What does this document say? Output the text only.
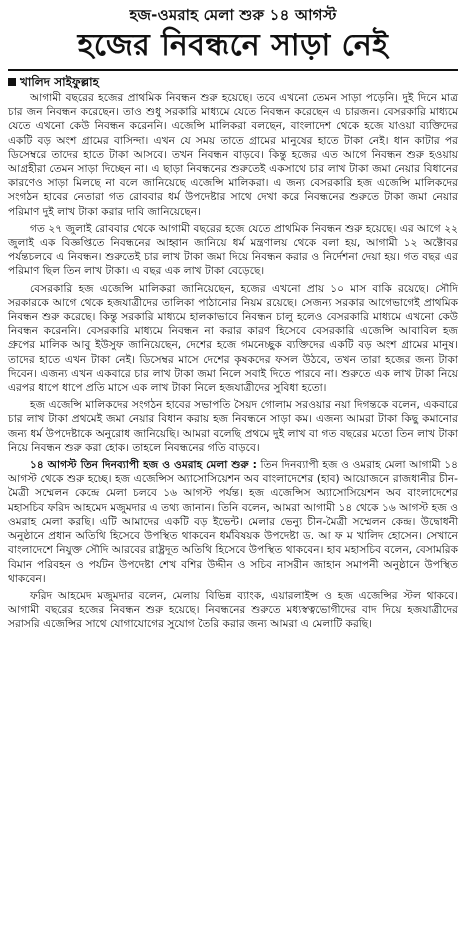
হজ-ওমরাহ মেলা শুরু ১৪ আগস্ট

হজের নিবন্ধনে সাড়া নেই
খালিদ সাইফুল্লাহ

আগামী বছরের হজের প্রাথমিক নিবন্ধন শুরু হয়েছে। তবে এখনো তেমন সাড়া পড়েনি। দুই দিনে মাত্র চার জন নিবন্ধন করেছেন। তাও শুধু সরকারি মাধ্যমে যেতে নিবন্ধন করেছেন এ চারজন। বেসরকারি মাধ্যমে যেতে এখনো কেউ নিবন্ধন করেননি। এজেন্সি মালিকরা বলছেন, বাংলাদেশ থেকে হজে যাওয়া ব্যক্তিদের একটি বড় অংশ গ্রামের বাসিন্দা। এখন যে সময় তাতে গ্রামের মানুষের হাতে টাকা নেই। ধান কাটার পর ডিসেম্বরে তাদের হাতে টাকা আসবে। তখন নিবন্ধন বাড়বে। কিন্তু হজের এত আগে নিবন্ধন শুরু হওয়ায় আগ্রহীরা তেমন সাড়া দিচ্ছেন না। এ ছাড়া নিবন্ধনের শুরুতেই একসাথে চার লাখ টাকা জমা নেয়ার বিধানের কারণেও সাড়া মিলছে না বলে জানিয়েছে এজেন্সি মালিকরা। এ জন্য বেসরকারি হজ এজেন্সি মালিকদের সংগঠন হাবের নেতারা গত রোববার ধর্ম উপদেষ্টার সাথে দেখা করে নিবন্ধনের শুরুতে টাকা জমা নেয়ার পরিমাণ দুই লাখ টাকা করার দাবি জানিয়েছেন।

গত ২৭ জুলাই রোববার থেকে আগামী বছরের হজে যেতে প্রাথমিক নিবন্ধন শুরু হয়েছে। এর আগে ২২ জুলাই এক বিজ্ঞপ্তিতে নিবন্ধনের আহ্বান জানিয়ে ধর্ম মন্ত্রণালয় থেকে বলা হয়, আগামী ১২ অক্টোবর পর্যন্তচলবে এ নিবন্ধন। শুরুতেই চার লাখ টাকা জমা দিয়ে নিবন্ধন করার ও নির্দেশনা দেয়া হয়। গত বছর এর পরিমাণ ছিল তিন লাখ টাকা। এ বছর এক লাখ টাকা বেড়েছে।

বেসরকারি হজ এজেন্সি মালিকরা জানিয়েছেন, হজের এখনো প্রায় ১০ মাস বাকি রয়েছে। সৌদি সরকারকে আগে থেকে হজযাত্রীদের তালিকা পাঠানোর নিয়ম রয়েছে। সেজন্য সরকার আগেভাগেই প্রাথমিক নিবন্ধন শুরু করেছে। কিন্তু সরকারি মাধ্যমে হালকাভাবে নিবন্ধন চালু হলেও বেসরকারি মাধ্যমে এখনো কেউ নিবন্ধন করেননি। বেসরকারি মাধ্যমে নিবন্ধন না করার কারণ হিসেবে বেসরকারি এজেন্সি আবাবিল হজ গ্রুপের মালিক আবু ইউসুফ জানিয়েছেন, দেশের হজে গমনেচ্ছুক ব্যক্তিদের একটি বড় অংশ গ্রামের মানুষ। তাদের হাতে এখন টাকা নেই। ডিসেম্বর মাসে দেশের কৃষকদের ফসল উঠবে, তখন তারা হজের জন্য টাকা দিবেন। এজন্য এখন একবারে চার লাখ টাকা জমা নিলে সবাই দিতে পারবে না। শুরুতে এক লাখ টাকা নিয়ে এরপর ধাপে ধাপে প্রতি মাসে এক লাখ টাকা নিলে হজযাত্রীদের সুবিধা হতো।

হজ এজেন্সি মালিকদের সংগঠন হাবের সভাপতি সৈয়দ গোলাম সরওয়ার নয়া দিগন্তকে বলেন, একবারে চার লাখ টাকা প্রথমেই জমা নেয়ার বিধান করায় হজ নিবন্ধনে সাড়া কম। এজন্য আমরা টাকা কিছু কমানোর জন্য ধর্ম উপদেষ্টাকে অনুরোধ জানিয়েছি। আমরা বলেছি প্রথমে দুই লাখ বা গত বছরের মতো তিন লাখ টাকা নিয়ে নিবন্ধন শুরু করা হোক। তাহলে নিবন্ধনের গতি বাড়বে।

১৪ আগস্ট তিন দিনব্যাপী হজ ও ওমরাহ মেলা শুরু : তিন দিনব্যাপী হজ ও ওমরাহ মেলা আগামী ১৪ আগস্ট থেকে শুরু হচ্ছে। হজ এজেন্সিস অ্যাসোসিয়েশন অব বাংলাদেশের (হাব) আয়োজনে রাজধানীর চীন-মৈত্রী সম্মেলন কেন্দ্রে মেলা চলবে ১৬ আগস্ট পর্যন্ত। হজ এজেন্সিস অ্যাসোসিয়েশন অব বাংলাদেশের মহাসচিব ফরিদ আহমেদ মজুমদার এ তথ্য জানান। তিনি বলেন, আমরা আগামী ১৪ থেকে ১৬ আগস্ট হজ ও ওমরাহ মেলা করছি। এটি আমাদের একটি বড় ইভেন্ট। মেলার ভেন্যু চীন-মৈত্রী সম্মেলন কেন্দ্র। উদ্বোধনী অনুষ্ঠানে প্রধান অতিথি হিসেবে উপস্থিত থাকবেন ধর্মবিষয়ক উপদেষ্টা ড. আ ফ ম খালিদ হোসেন। সেখানে বাংলাদেশে নিযুক্ত সৌদি আরবের রাষ্ট্রদূত অতিথি হিসেবে উপস্থিত থাকবেন। হাব মহাসচিব বলেন, বেসামরিক বিমান পরিবহন ও পর্যটন উপদেষ্টা শেখ বশির উদ্দীন ও সচিব নাসরীন জাহান সমাপনী অনুষ্ঠানে উপস্থিত থাকবেন।

ফরিদ আহমেদ মজুমদার বলেন, মেলায় বিভিন্ন ব্যাংক, এয়ারলাইন্স ও হজ এজেন্সির স্টল থাকবে। আগামী বছরের হজের নিবন্ধন শুরু হয়েছে। নিবন্ধনের শুরুতে মধ্যস্বত্বভোগীদের বাদ দিয়ে হজযাত্রীদের সরাসরি এজেন্সির সাথে যোগাযোগের সুযোগ তৈরি করার জন্য আমরা এ মেলাটি করছি।
